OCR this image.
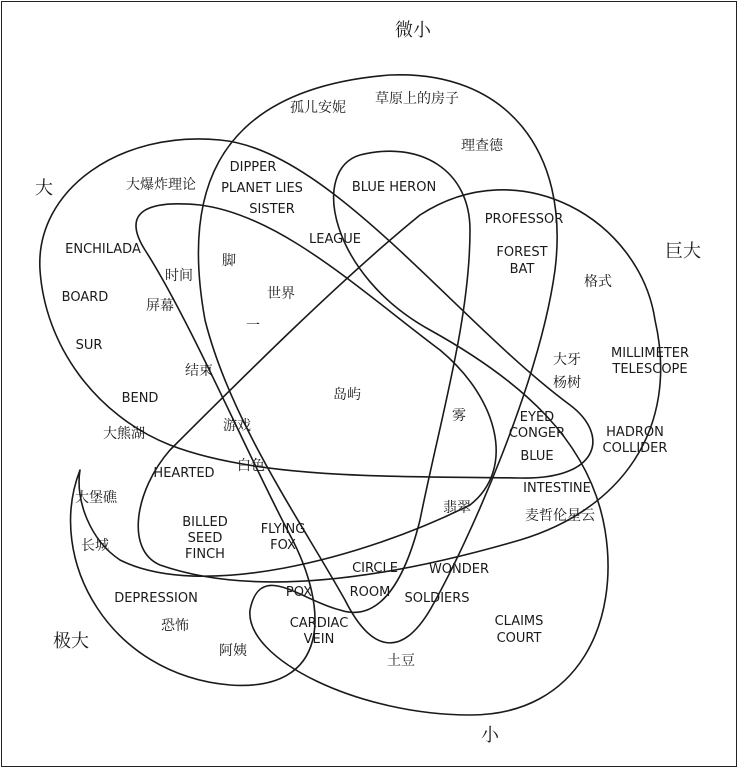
微小
大
巨大
极大
小
孤儿安妮
草原上的房子
理查德
大爆炸理论
DIPPER
PLANET LIES
SISTER
BLUE HERON
LEAGUE
PROFESSOR
FOREST
BAT
ENCHILADA
BOARD
SUR
时间
屏幕
脚
世界
一
格式
MILLIMETER
TELESCOPE
大牙
杨树
结束
岛屿
BEND
大熊湖	游戏
雾	EYED
CONGER
BLUE
HADRON
COLLIDER
HEARTED 白色
大堡礁
翡翠
INTESTINE
麦哲伦星云
BILLED
SEED
FINCH
FLYING
FOX
长城
CIRCLE
ROOM
WONDER
SOLDIERS
DEPRESSION	POX
恐怖	CARDIAC
VEIN
CLAIMS
COURT
阿姨
土豆
